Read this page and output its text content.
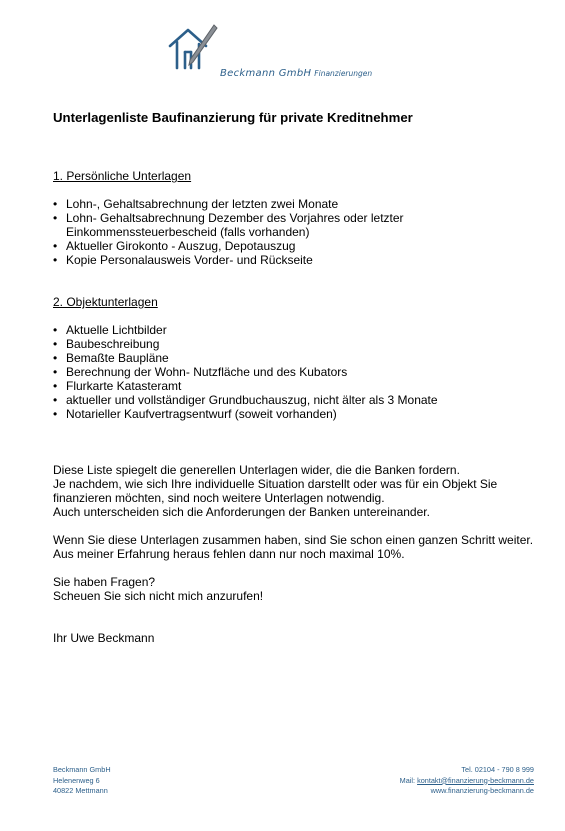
Beckmann GmbH Finanzierungen
Unterlagenliste Baufinanzierung für private Kreditnehmer
1. Persönliche Unterlagen
• Lohn-, Gehaltsabrechnung der letzten zwei Monate
• Lohn- Gehaltsabrechnung Dezember des Vorjahres oder letzter
Einkommenssteuerbescheid (falls vorhanden)
• Aktueller Girokonto - Auszug, Depotauszug
• Kopie Personalausweis Vorder- und Rückseite
2. Objektunterlagen
• Aktuelle Lichtbilder
• Baubeschreibung
• Bemaßte Baupläne
• Berechnung der Wohn- Nutzfläche und des Kubators
• Flurkarte Katasteramt
• aktueller und vollständiger Grundbuchauszug, nicht älter als 3 Monate
• Notarieller Kaufvertragsentwurf (soweit vorhanden)

Diese Liste spiegelt die generellen Unterlagen wider, die die Banken fordern.
Je nachdem, wie sich Ihre individuelle Situation darstellt oder was für ein Objekt Sie
finanzieren möchten, sind noch weitere Unterlagen notwendig.
Auch unterscheiden sich die Anforderungen der Banken untereinander.

Wenn Sie diese Unterlagen zusammen haben, sind Sie schon einen ganzen Schritt weiter.
Aus meiner Erfahrung heraus fehlen dann nur noch maximal 10%.

Sie haben Fragen?
Scheuen Sie sich nicht mich anzurufen!

Ihr Uwe Beckmann

Beckmann GmbH
Helenenweg 6
40822 Mettmann
Tel. 02104 - 790 8 999
Mail: kontakt@finanzierung-beckmann.de
www.finanzierung-beckmann.de
